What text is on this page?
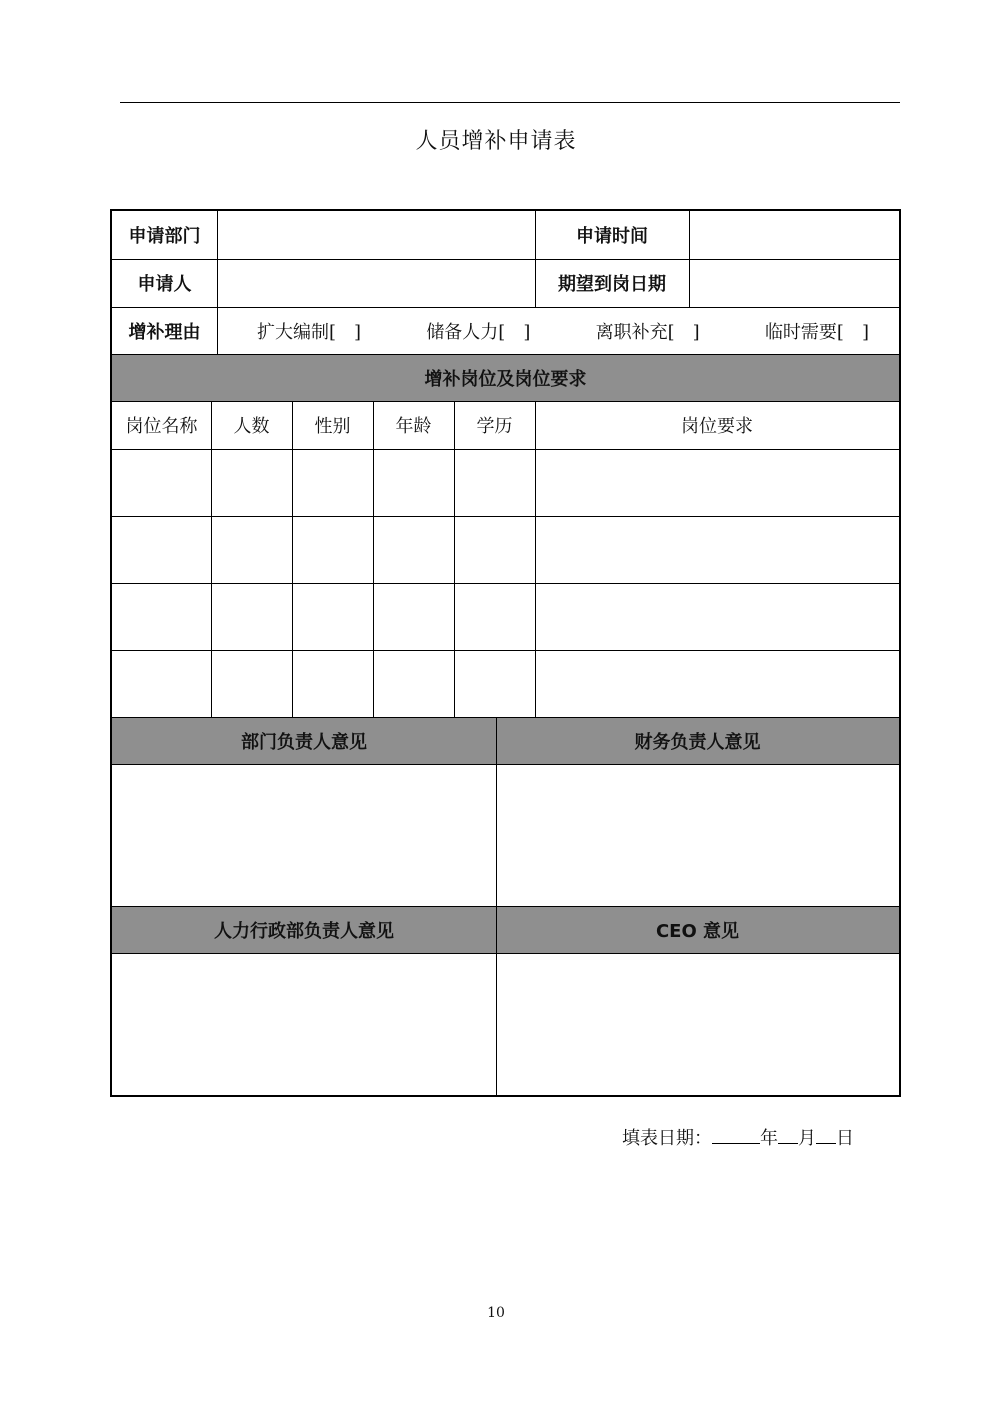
人员增补申请表
申请部门	申请时间
申请人	期望到岗日期
增补理由	扩大编制[　]	储备人力[　]	离职补充[　]	临时需要[　]
增补岗位及岗位要求
岗位名称	人数	性别	年龄	学历	岗位要求
部门负责人意见	财务负责人意见
人力行政部负责人意见	CEO 意见
填表日期：	年 月 日
10
